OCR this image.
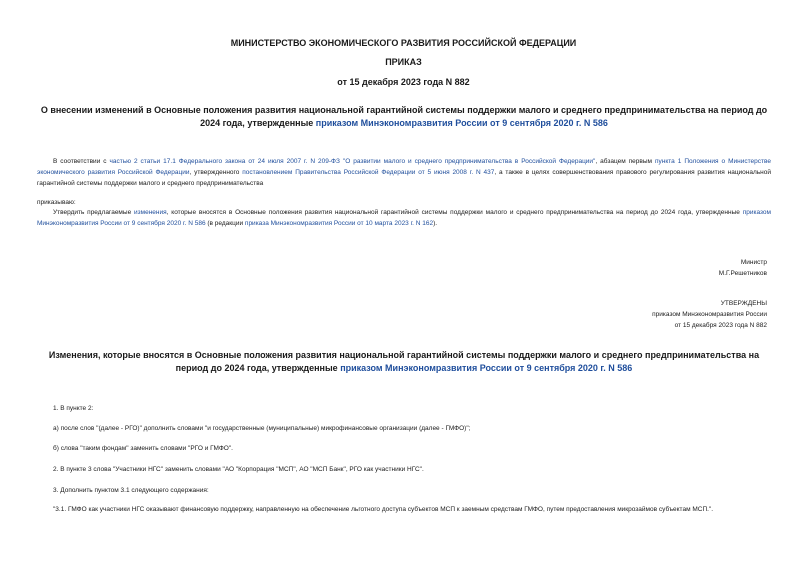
МИНИСТЕРСТВО ЭКОНОМИЧЕСКОГО РАЗВИТИЯ РОССИЙСКОЙ ФЕДЕРАЦИИ
ПРИКАЗ
от 15 декабря 2023 года N 882
О внесении изменений в Основные положения развития национальной гарантийной системы поддержки малого и среднего предпринимательства на период до 2024 года, утвержденные приказом Минэкономразвития России от 9 сентября 2020 г. N 586
В соответствии с частью 2 статьи 17.1 Федерального закона от 24 июля 2007 г. N 209-ФЗ "О развитии малого и среднего предпринимательства в Российской Федерации", абзацем первым пункта 1 Положения о Министерстве экономического развития Российской Федерации, утвержденного постановлением Правительства Российской Федерации от 5 июня 2008 г. N 437, а также в целях совершенствования правового регулирования развития национальной гарантийной системы поддержки малого и среднего предпринимательства
приказываю:
Утвердить предлагаемые изменения, которые вносятся в Основные положения развития национальной гарантийной системы поддержки малого и среднего предпринимательства на период до 2024 года, утвержденные приказом Минэкономразвития России от 9 сентября 2020 г. N 586 (в редакции приказа Минэкономразвития России от 10 марта 2023 г. N 162).
Министр
М.Г.Решетников
УТВЕРЖДЕНЫ
приказом Минэкономразвития России
от 15 декабря 2023 года N 882
Изменения, которые вносятся в Основные положения развития национальной гарантийной системы поддержки малого и среднего предпринимательства на период до 2024 года, утвержденные приказом Минэкономразвития России от 9 сентября 2020 г. N 586
1. В пункте 2:
а) после слов "(далее - РГО)" дополнить словами "и государственные (муниципальные) микрофинансовые организации (далее - ГМФО)";
б) слова "таким фондам" заменить словами "РГО и ГМФО".
2. В пункте 3 слова "Участники НГС" заменить словами "АО "Корпорация "МСП", АО "МСП Банк", РГО как участники НГС".
3. Дополнить пунктом 3.1 следующего содержания:
"3.1. ГМФО как участники НГС оказывают финансовую поддержку, направленную на обеспечение льготного доступа субъектов МСП к заемным средствам ГМФО, путем предоставления микрозаймов субъектам МСП.".
